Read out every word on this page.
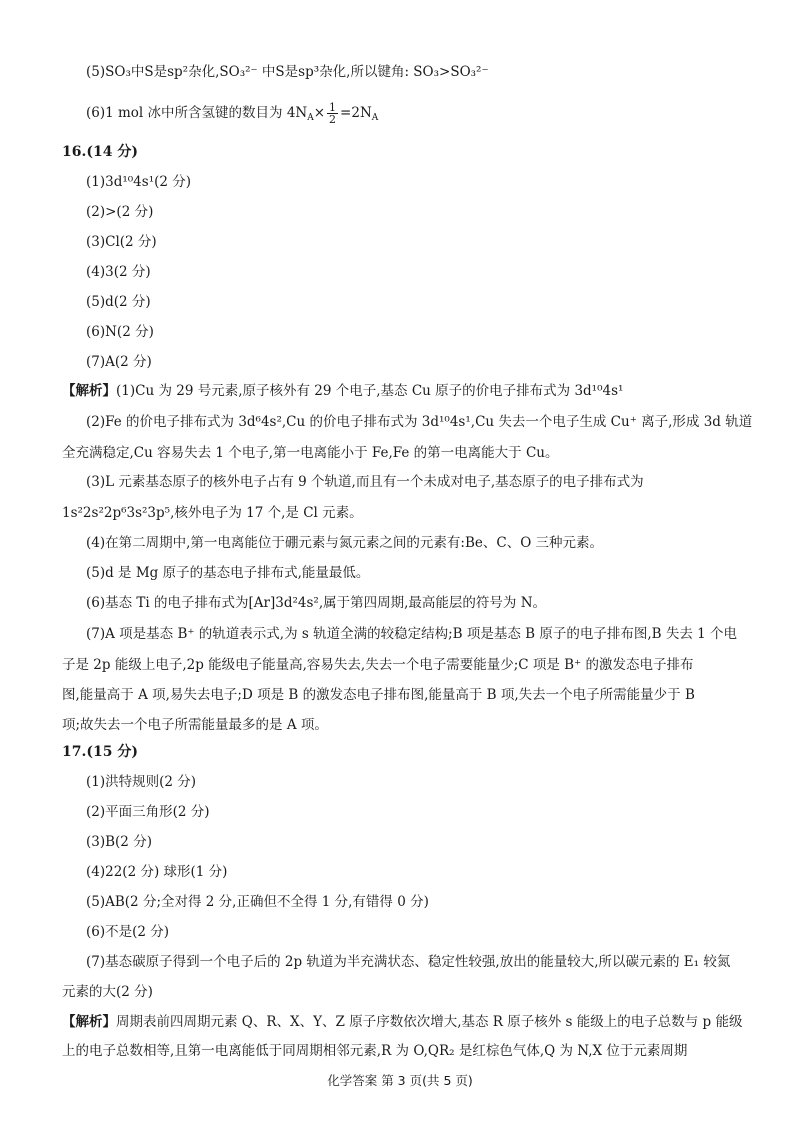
(5)SO₃中S是sp²杂化,SO₃²⁻ 中S是sp³杂化,所以键角: SO₃>SO₃²⁻
(6)1 mol 冰中所含氢键的数目为 $4N_A\times \frac{1}{2} =2N_A$
16.(14 分)
(1)3d¹⁰4s¹(2 分)
(2)>(2 分)
(3)Cl(2 分)
(4)3(2 分)
(5)d(2 分)
(6)N(2 分)
(7)A(2 分)
【解析】(1)Cu 为 29 号元素,原子核外有 29 个电子,基态 Cu 原子的价电子排布式为 3d¹⁰4s¹
(2)Fe 的价电子排布式为 3d⁶4s²,Cu 的价电子排布式为 3d¹⁰4s¹,Cu 失去一个电子生成 Cu⁺ 离子,形成 3d 轨道
全充满稳定,Cu 容易失去 1 个电子,第一电离能小于 Fe,Fe 的第一电离能大于 Cu。
(3)L 元素基态原子的核外电子占有 9 个轨道,而且有一个未成对电子,基态原子的电子排布式为
1s²2s²2p⁶3s²3p⁵,核外电子为 17 个,是 Cl 元素。
(4)在第二周期中,第一电离能位于硼元素与氮元素之间的元素有:Be、C、O 三种元素。
(5)d 是 Mg 原子的基态电子排布式,能量最低。
(6)基态 Ti 的电子排布式为[Ar]3d²4s²,属于第四周期,最高能层的符号为 N。
(7)A 项是基态 B⁺ 的轨道表示式,为 s 轨道全满的较稳定结构;B 项是基态 B 原子的电子排布图,B 失去 1 个电
子是 2p 能级上电子,2p 能级电子能量高,容易失去,失去一个电子需要能量少;C 项是 B⁺ 的激发态电子排布
图,能量高于 A 项,易失去电子;D 项是 B 的激发态电子排布图,能量高于 B 项,失去一个电子所需能量少于 B
项;故失去一个电子所需能量最多的是 A 项。
17.(15 分)
(1)洪特规则(2 分)
(2)平面三角形(2 分)
(3)B(2 分)
(4)22(2 分) 球形(1 分)
(5)AB(2 分;全对得 2 分,正确但不全得 1 分,有错得 0 分)
(6)不是(2 分)
(7)基态碳原子得到一个电子后的 2p 轨道为半充满状态、稳定性较强,放出的能量较大,所以碳元素的 E₁ 较氮
元素的大(2 分)
【解析】周期表前四周期元素 Q、R、X、Y、Z 原子序数依次增大,基态 R 原子核外 s 能级上的电子总数与 p 能级
上的电子总数相等,且第一电离能低于同周期相邻元素,R 为 O,QR₂ 是红棕色气体,Q 为 N,X 位于元素周期
化学答案 第 3 页(共 5 页)
